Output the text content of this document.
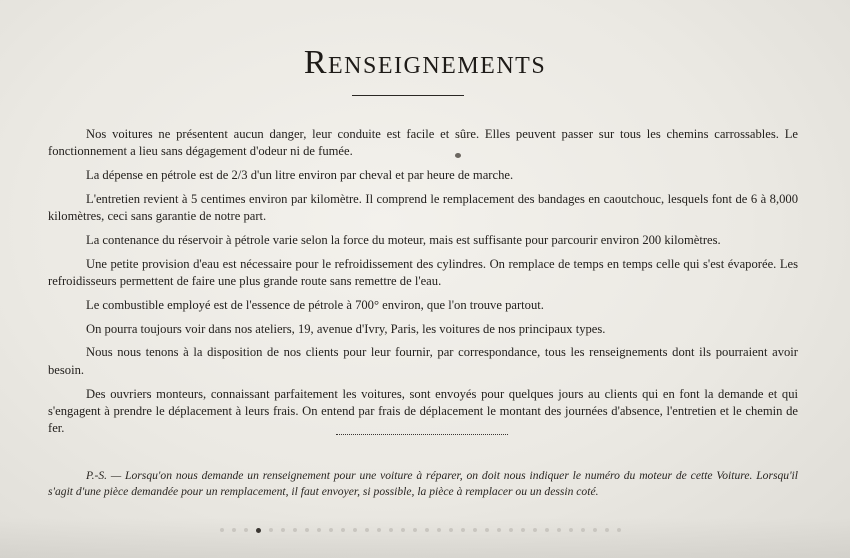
Renseignements

Nos voitures ne présentent aucun danger, leur conduite est facile et sûre. Elles peuvent passer sur tous les chemins carrossables. Le fonctionnement a lieu sans dégagement d'odeur ni de fumée.

La dépense en pétrole est de 2/3 d'un litre environ par cheval et par heure de marche.

L'entretien revient à 5 centimes environ par kilomètre. Il comprend le remplacement des bandages en caoutchouc, lesquels font de 6 à 8,000 kilomètres, ceci sans garantie de notre part.

La contenance du réservoir à pétrole varie selon la force du moteur, mais est suffisante pour parcourir environ 200 kilomètres.

Une petite provision d'eau est nécessaire pour le refroidissement des cylindres. On remplace de temps en temps celle qui s'est évaporée. Les refroidisseurs permettent de faire une plus grande route sans remettre de l'eau.

Le combustible employé est de l'essence de pétrole à 700° environ, que l'on trouve partout.

On pourra toujours voir dans nos ateliers, 19, avenue d'Ivry, Paris, les voitures de nos principaux types.

Nous nous tenons à la disposition de nos clients pour leur fournir, par correspondance, tous les renseignements dont ils pourraient avoir besoin.

Des ouvriers monteurs, connaissant parfaitement les voitures, sont envoyés pour quelques jours au clients qui en font la demande et qui s'engagent à prendre le déplacement à leurs frais. On entend par frais de déplacement le montant des journées d'absence, l'entretien et le chemin de fer.

P.-S. — Lorsqu'on nous demande un renseignement pour une voiture à réparer, on doit nous indiquer le numéro du moteur de cette Voiture. Lorsqu'il s'agit d'une pièce demandée pour un remplacement, il faut envoyer, si possible, la pièce à remplacer ou un dessin coté.
